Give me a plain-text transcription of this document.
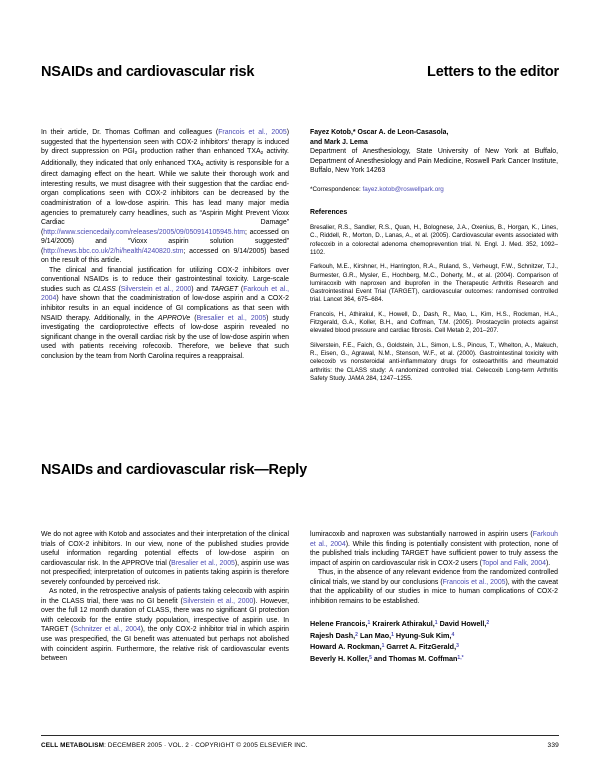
NSAIDs and cardiovascular risk	Letters to the editor

In their article, Dr. Thomas Coffman and colleagues (Francois et al., 2005) suggested that the hypertension seen with COX-2 inhibitors' therapy is induced by direct suppression on $PGI_2$ production rather than enhanced $TXA_2$ activity. Additionally, they indicated that only enhanced $TXA_2$ activity is responsible for a direct damaging effect on the heart. While we salute their thorough work and interesting results, we must disagree with their suggestion that the cardiac end-organ complications seen with COX-2 inhibitors can be decreased by the coadministration of a low-dose aspirin. This has lead many major media agencies to prematurely carry headlines, such as “Aspirin Might Prevent Vioxx Cardiac Damage” (http://www.sciencedaily.com/releases/2005/09/050914105945.htm; accessed on 9/14/2005) and “Vioxx aspirin solution suggested” (http://news.bbc.co.uk/2/hi/health/4240820.stm; accessed on 9/14/2005) based on the result of this article.

The clinical and financial justification for utilizing COX-2 inhibitors over conventional NSAIDs is to reduce their gastrointestinal toxicity. Large-scale studies such as CLASS (Silverstein et al., 2000) and TARGET (Farkouh et al., 2004) have shown that the coadministration of low-dose aspirin and a COX-2 inhibitor results in an equal incidence of GI complications as that seen with NSAID therapy. Additionally, in the APPROVe (Bresalier et al., 2005) study investigating the cardioprotective effects of low-dose aspirin revealed no significant change in the overall cardiac risk by the use of low-dose aspirin when used with patients receiving rofecoxib. Therefore, we believe that such conclusion by the team from North Carolina requires a reappraisal.

Fayez Kotob,* Oscar A. de Leon-Casasola,
and Mark J. Lema
Department of Anesthesiology, State University of New York at Buffalo, Department of Anesthesiology and Pain Medicine, Roswell Park Cancer Institute, Buffalo, New York 14263
*Correspondence: fayez.kotob@roswellpark.org
References
Bresalier, R.S., Sandler, R.S., Quan, H., Bolognese, J.A., Oxenius, B., Horgan, K., Lines, C., Riddell, R., Morton, D., Lanas, A., et al. (2005). Cardiovascular events associated with rofecoxib in a colorectal adenoma chemoprevention trial. N. Engl. J. Med. 352, 1092–1102.
Farkouh, M.E., Kirshner, H., Harrington, R.A., Ruland, S., Verheugt, F.W., Schnitzer, T.J., Burmester, G.R., Mysler, E., Hochberg, M.C., Doherty, M., et al. (2004). Comparison of lumiracoxib with naproxen and ibuprofen in the Therapeutic Arthritis Research and Gastrointestinal Event Trial (TARGET), cardiovascular outcomes: randomised controlled trial. Lancet 364, 675–684.
Francois, H., Athirakul, K., Howell, D., Dash, R., Mao, L., Kim, H.S., Rockman, H.A., Fitzgerald, G.A., Koller, B.H., and Coffman, T.M. (2005). Prostacyclin protects against elevated blood pressure and cardiac fibrosis. Cell Metab 2, 201–207.
Silverstein, F.E., Faich, G., Goldstein, J.L., Simon, L.S., Pincus, T., Whelton, A., Makuch, R., Eisen, G., Agrawal, N.M., Stenson, W.F., et al. (2000). Gastrointestinal toxicity with celecoxib vs nonsteroidal anti-inflammatory drugs for osteoarthritis and rheumatoid arthritis: the CLASS study: A randomized controlled trial. Celecoxib Long-term Arthritis Safety Study. JAMA 284, 1247–1255.
NSAIDs and cardiovascular risk—Reply

We do not agree with Kotob and associates and their interpretation of the clinical trials of COX-2 inhibitors. In our view, none of the published studies provide useful information regarding potential effects of low-dose aspirin on cardiovascular risk. In the APPROVe trial (Bresalier et al., 2005), aspirin use was not prespecified; interpretation of outcomes in patients taking aspirin is therefore severely confounded by perceived risk.

As noted, in the retrospective analysis of patients taking celecoxib with aspirin in the CLASS trial, there was no GI benefit (Silverstein et al., 2000). However, over the full 12 month duration of CLASS, there was no significant GI protection with celecoxib for the entire study population, irrespective of aspirin use. In TARGET (Schnitzer et al., 2004), the only COX-2 inhibitor trial in which aspirin use was prespecified, the GI benefit was attenuated but perhaps not abolished with coincident aspirin. Furthermore, the relative risk of cardiovascular events between

lumiracoxib and naproxen was substantially narrowed in aspirin users (Farkouh et al., 2004). While this finding is potentially consistent with protection, none of the published trials including TARGET have sufficient power to truly assess the impact of aspirin on cardiovascular risk in COX-2 users (Topol and Falk, 2004).

Thus, in the absence of any relevant evidence from the randomized controlled clinical trials, we stand by our conclusions (Francois et al., 2005), with the caveat that the applicability of our studies in mice to human complications of COX-2 inhibition remains to be established.

Helene Francois,$^1$ Krairerk Athirakul,$^1$ David Howell,$^2$
Rajesh Dash,$^2$ Lan Mao,$^1$ Hyung-Suk Kim,$^4$
Howard A. Rockman,$^1$ Garret A. FitzGerald,$^3$
Beverly H. Koller,$^5$ and Thomas M. Coffman$^{1,*}$
CELL METABOLISM: DECEMBER 2005 · VOL. 2 · COPYRIGHT © 2005 ELSEVIER INC.	339
